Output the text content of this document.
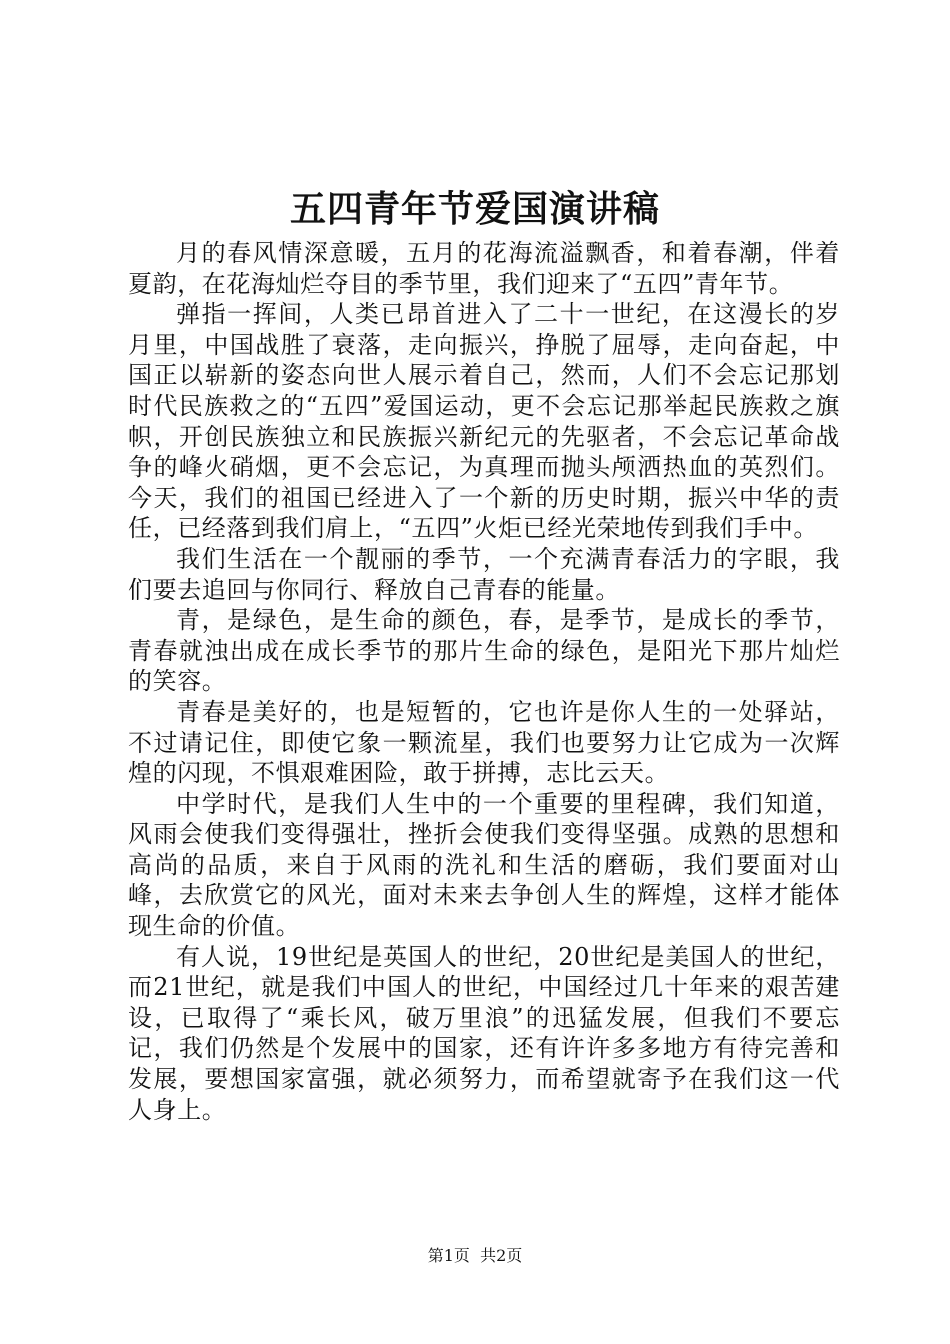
五四青年节爱国演讲稿

月的春风情深意暖，五月的花海流溢飘香，和着春潮，伴着夏韵，在花海灿烂夺目的季节里，我们迎来了“五四”青年节。

弹指一挥间，人类已昂首进入了二十一世纪，在这漫长的岁月里，中国战胜了衰落，走向振兴，挣脱了屈辱，走向奋起，中国正以崭新的姿态向世人展示着自己，然而，人们不会忘记那划时代民族救之的“五四”爱国运动，更不会忘记那举起民族救之旗帜，开创民族独立和民族振兴新纪元的先驱者，不会忘记革命战争的峰火硝烟，更不会忘记，为真理而抛头颅洒热血的英烈们。今天，我们的祖国已经进入了一个新的历史时期，振兴中华的责任，已经落到我们肩上，“五四”火炬已经光荣地传到我们手中。

我们生活在一个靓丽的季节，一个充满青春活力的字眼，我们要去追回与你同行、释放自己青春的能量。

青，是绿色，是生命的颜色，春，是季节，是成长的季节，青春就浊出成在成长季节的那片生命的绿色，是阳光下那片灿烂的笑容。

青春是美好的，也是短暂的，它也许是你人生的一处驿站，不过请记住，即使它象一颗流星，我们也要努力让它成为一次辉煌的闪现，不惧艰难困险，敢于拼搏，志比云天。

中学时代，是我们人生中的一个重要的里程碑，我们知道，风雨会使我们变得强壮，挫折会使我们变得坚强。成熟的思想和高尚的品质，来自于风雨的洗礼和生活的磨砺，我们要面对山峰，去欣赏它的风光，面对未来去争创人生的辉煌，这样才能体现生命的价值。

有人说，19世纪是英国人的世纪，20世纪是美国人的世纪，而21世纪，就是我们中国人的世纪，中国经过几十年来的艰苦建设，已取得了“乘长风，破万里浪”的迅猛发展，但我们不要忘记，我们仍然是个发展中的国家，还有许许多多地方有待完善和发展，要想国家富强，就必须努力，而希望就寄予在我们这一代人身上。

第1页  共2页
